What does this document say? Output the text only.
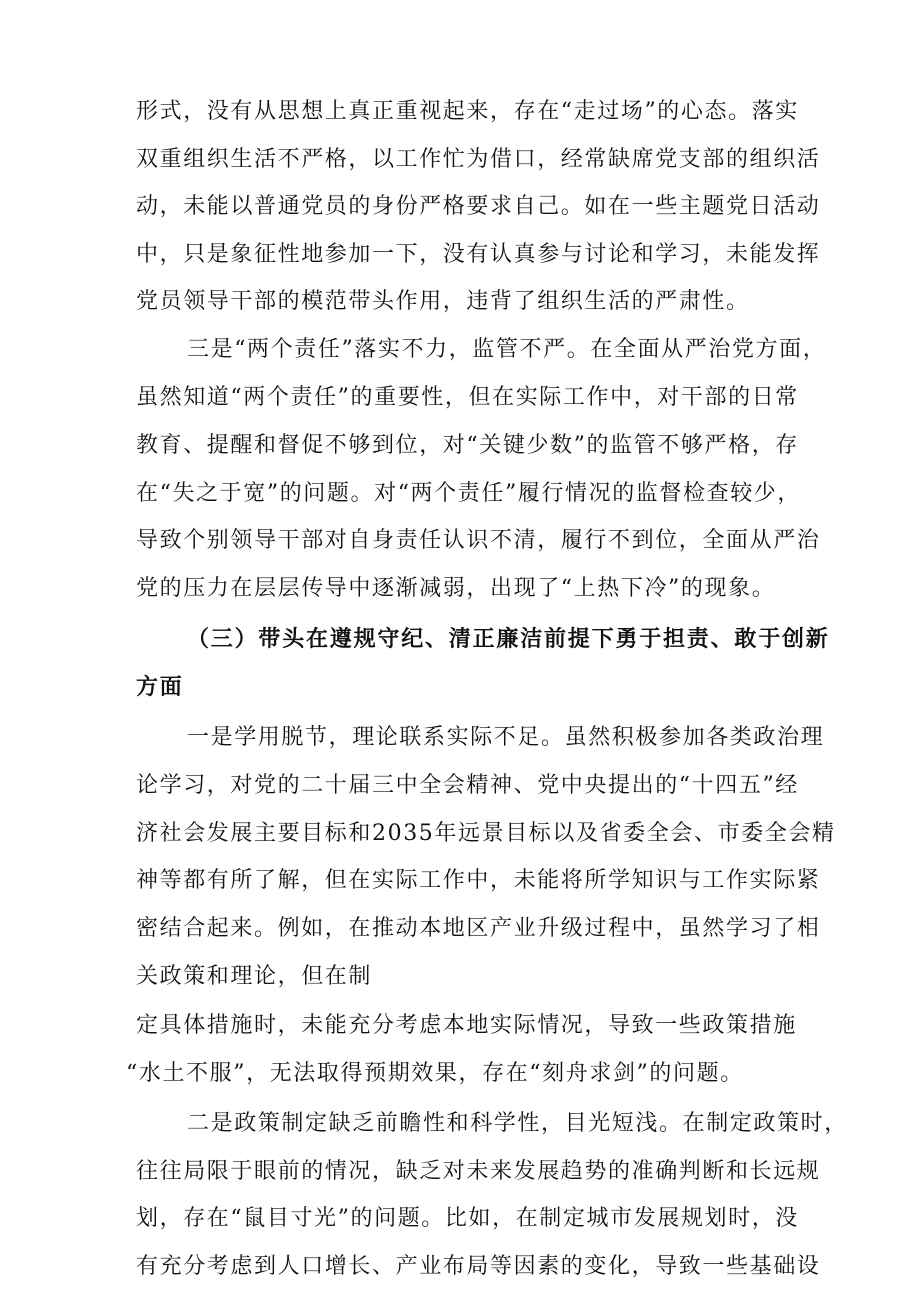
形式，没有从思想上真正重视起来，存在“走过场”的心态。落实
双重组织生活不严格，以工作忙为借口，经常缺席党支部的组织活
动，未能以普通党员的身份严格要求自己。如在一些主题党日活动
中，只是象征性地参加一下，没有认真参与讨论和学习，未能发挥
党员领导干部的模范带头作用，违背了组织生活的严肃性。
三是“两个责任”落实不力，监管不严。在全面从严治党方面，
虽然知道“两个责任”的重要性，但在实际工作中，对干部的日常
教育、提醒和督促不够到位，对“关键少数”的监管不够严格，存
在“失之于宽”的问题。对“两个责任”履行情况的监督检查较少，
导致个别领导干部对自身责任认识不清，履行不到位，全面从严治
党的压力在层层传导中逐渐减弱，出现了“上热下冷”的现象。
（三）带头在遵规守纪、清正廉洁前提下勇于担责、敢于创新
方面
一是学用脱节，理论联系实际不足。虽然积极参加各类政治理
论学习，对党的二十届三中全会精神、党中央提出的“十四五”经
济社会发展主要目标和2035年远景目标以及省委全会、市委全会精
神等都有所了解，但在实际工作中，未能将所学知识与工作实际紧
密结合起来。例如，在推动本地区产业升级过程中，虽然学习了相
关政策和理论，但在制
定具体措施时，未能充分考虑本地实际情况，导致一些政策措施
“水土不服”，无法取得预期效果，存在“刻舟求剑”的问题。
二是政策制定缺乏前瞻性和科学性，目光短浅。在制定政策时，
往往局限于眼前的情况，缺乏对未来发展趋势的准确判断和长远规
划，存在“鼠目寸光”的问题。比如，在制定城市发展规划时，没
有充分考虑到人口增长、产业布局等因素的变化，导致一些基础设
